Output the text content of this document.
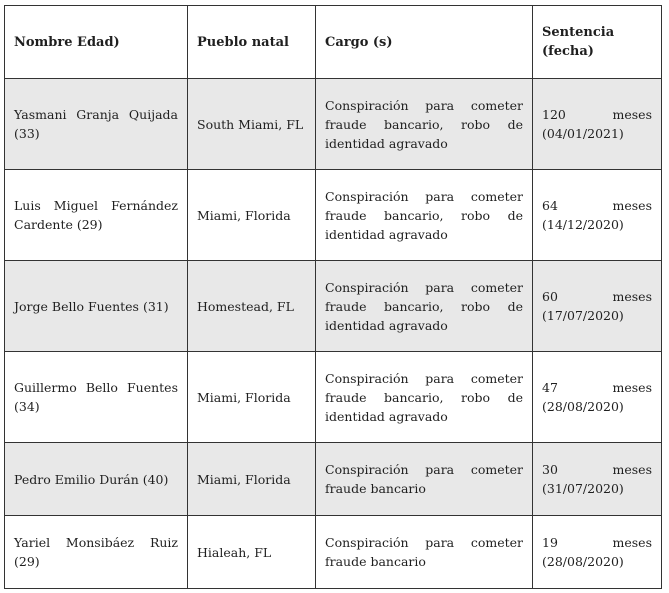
Nombre Edad)	Pueblo natal	Cargo (s)	Sentencia (fecha)
Yasmani Granja Quijada (33)	South Miami, FL	Conspiración para cometer fraude bancario, robo de identidad agravado	120 meses
(04/01/2021)

Luis Miguel Fernández Cardente (29)	Miami, Florida	Conspiración para cometer fraude bancario, robo de identidad agravado	64 meses
(14/12/2020)

Jorge Bello Fuentes (31)	Homestead, FL	Conspiración para cometer fraude bancario, robo de identidad agravado	60 meses
(17/07/2020)

Guillermo Bello Fuentes (34)	Miami, Florida	Conspiración para cometer fraude bancario, robo de identidad agravado	47 meses
(28/08/2020)

Pedro Emilio Durán (40)	Miami, Florida	Conspiración para cometer fraude bancario	30 meses
(31/07/2020)

Yariel Monsibáez Ruiz (29)	Hialeah, FL	Conspiración para cometer fraude bancario	19 meses
(28/08/2020)
